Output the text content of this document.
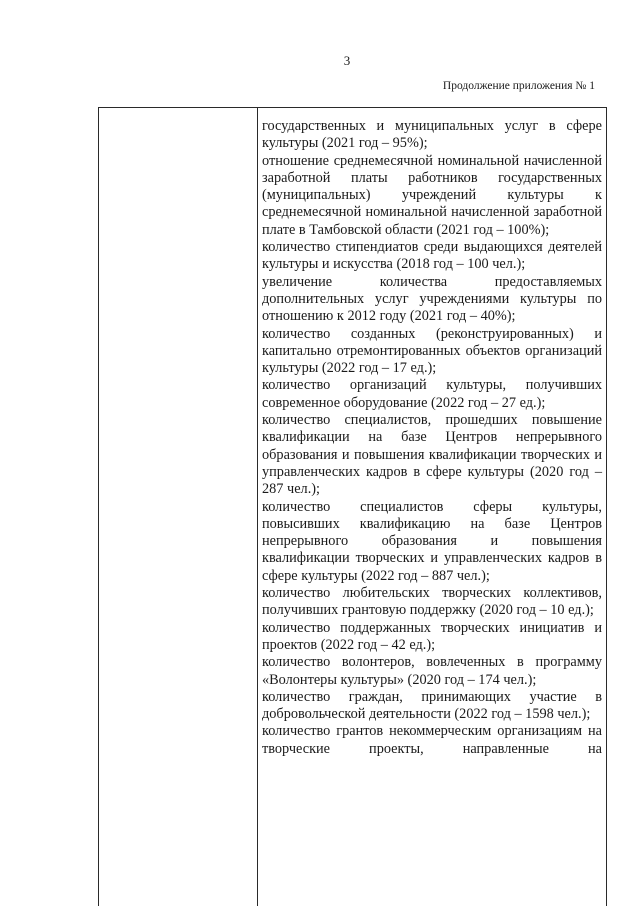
3
Продолжение приложения № 1
государственных и муниципальных услуг в сфере культуры (2021 год – 95%);
отношение среднемесячной номинальной начисленной заработной платы работников государственных (муниципальных) учреждений культуры к среднемесячной номинальной начисленной заработной плате в Тамбовской области (2021 год – 100%);
количество стипендиатов среди выдающихся деятелей культуры и искусства (2018 год – 100 чел.);
увеличение количества предоставляемых дополнительных услуг учреждениями культуры по отношению к 2012 году (2021 год – 40%);
количество созданных (реконструированных) и капитально отремонтированных объектов организаций культуры (2022 год – 17 ед.);
количество организаций культуры, получивших современное оборудование (2022 год – 27 ед.);
количество специалистов, прошедших повышение квалификации на базе Центров непрерывного образования и повышения квалификации творческих и управленческих кадров в сфере культуры (2020 год – 287 чел.);
количество специалистов сферы культуры, повысивших квалификацию на базе Центров непрерывного образования и повышения квалификации творческих и управленческих кадров в сфере культуры (2022 год – 887 чел.);
количество любительских творческих коллективов, получивших грантовую поддержку (2020 год – 10 ед.);
количество поддержанных творческих инициатив и проектов (2022 год – 42 ед.);
количество волонтеров, вовлеченных в программу «Волонтеры культуры» (2020 год – 174 чел.);
количество граждан, принимающих участие в добровольческой деятельности (2022 год – 1598 чел.);
количество грантов некоммерческим организациям на творческие проекты, направленные на
